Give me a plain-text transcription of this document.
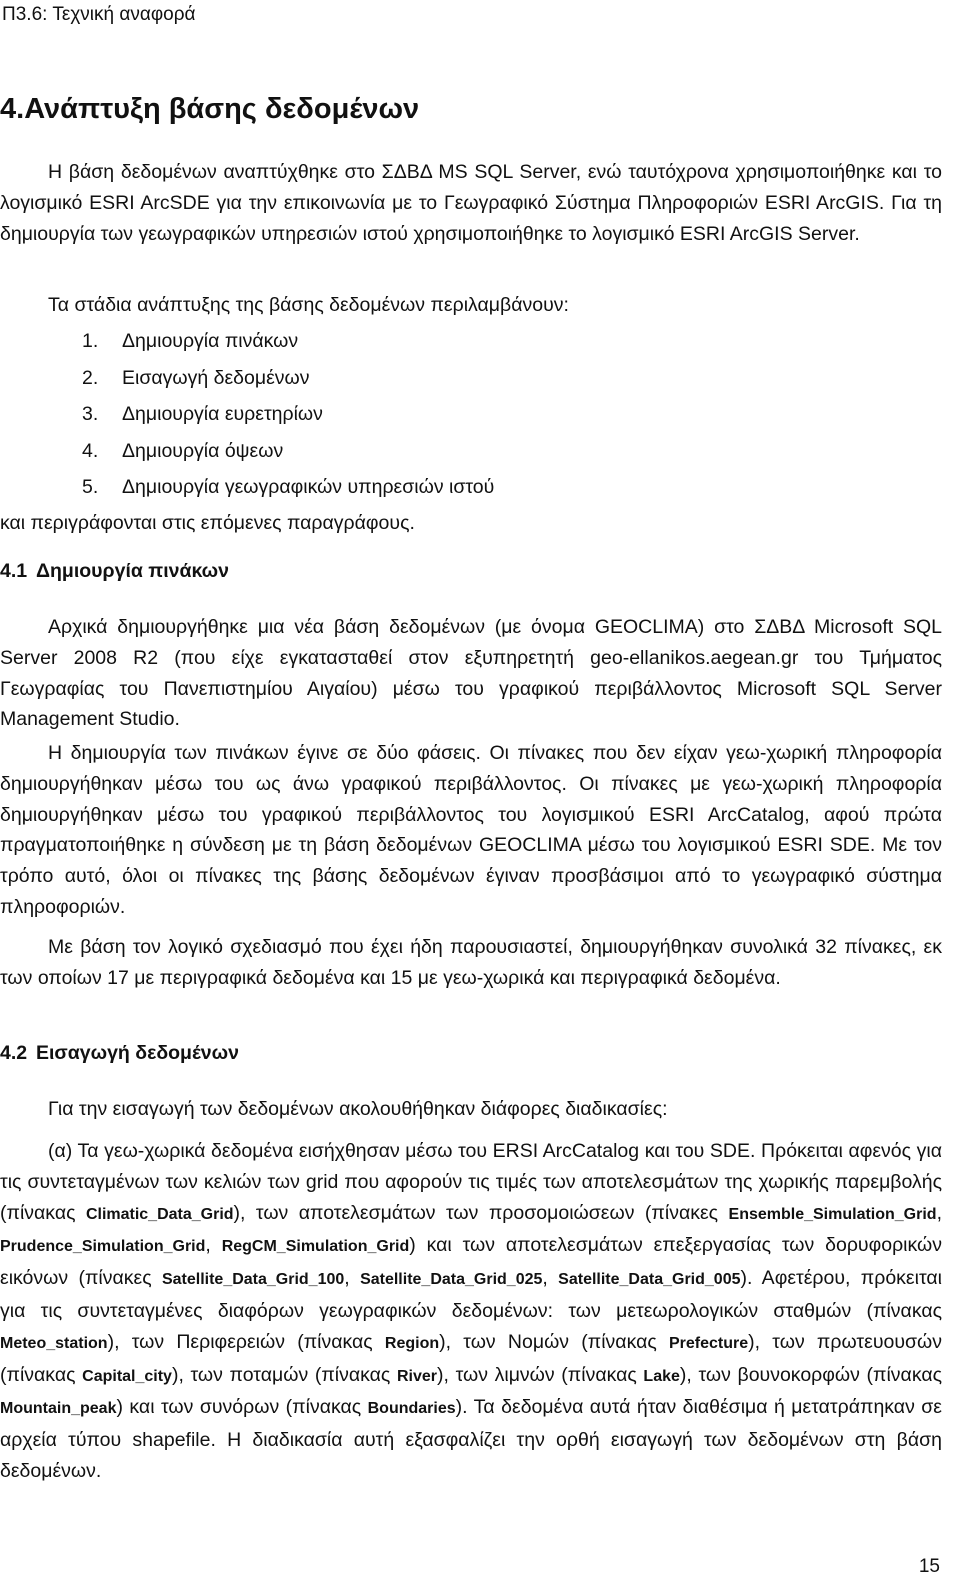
Π3.6: Τεχνική αναφορά
4.Ανάπτυξη βάσης δεδομένων

Η βάση δεδομένων αναπτύχθηκε στο ΣΔΒΔ MS SQL Server, ενώ ταυτόχρονα χρησιμοποιήθηκε και το λογισμικό ESRI ArcSDE για την επικοινωνία με το Γεωγραφικό Σύστημα Πληροφοριών ESRI ArcGIS. Για τη δημιουργία των γεωγραφικών υπηρεσιών ιστού χρησιμοποιήθηκε το λογισμικό ESRI ArcGIS Server.

Τα στάδια ανάπτυξης της βάσης δεδομένων περιλαμβάνουν:

1. Δημιουργία πινάκων
2. Εισαγωγή δεδομένων
3. Δημιουργία ευρετηρίων
4. Δημιουργία όψεων
5. Δημιουργία γεωγραφικών υπηρεσιών ιστού

και περιγράφονται στις επόμενες παραγράφους.

4.1 Δημιουργία πινάκων

Αρχικά δημιουργήθηκε μια νέα βάση δεδομένων (με όνομα GEOCLIMA) στο ΣΔΒΔ Microsoft SQL Server 2008 R2 (που είχε εγκατασταθεί στον εξυπηρετητή geo-ellanikos.aegean.gr του Τμήματος Γεωγραφίας του Πανεπιστημίου Αιγαίου) μέσω του γραφικού περιβάλλοντος Microsoft SQL Server Management Studio.

Η δημιουργία των πινάκων έγινε σε δύο φάσεις. Οι πίνακες που δεν είχαν γεω-χωρική πληροφορία δημιουργήθηκαν μέσω του ως άνω γραφικού περιβάλλοντος. Οι πίνακες με γεω-χωρική πληροφορία δημιουργήθηκαν μέσω του γραφικού περιβάλλοντος του λογισμικού ESRI ArcCatalog, αφού πρώτα πραγματοποιήθηκε η σύνδεση με τη βάση δεδομένων GEOCLIMA μέσω του λογισμικού ESRI SDE. Με τον τρόπο αυτό, όλοι οι πίνακες της βάσης δεδομένων έγιναν προσβάσιμοι από το γεωγραφικό σύστημα πληροφοριών.

Με βάση τον λογικό σχεδιασμό που έχει ήδη παρουσιαστεί, δημιουργήθηκαν συνολικά 32 πίνακες, εκ των οποίων 17 με περιγραφικά δεδομένα και 15 με γεω-χωρικά και περιγραφικά δεδομένα.

4.2 Εισαγωγή δεδομένων

Για την εισαγωγή των δεδομένων ακολουθήθηκαν διάφορες διαδικασίες:

(α) Τα γεω-χωρικά δεδομένα εισήχθησαν μέσω του ERSI ArcCatalog και του SDE. Πρόκειται αφενός για τις συντεταγμένων των κελιών των grid που αφορούν τις τιμές των αποτελεσμάτων της χωρικής παρεμβολής (πίνακας Climatic_Data_Grid), των αποτελεσμάτων των προσομοιώσεων (πίνακες Ensemble_Simulation_Grid, Prudence_Simulation_Grid, RegCM_Simulation_Grid) και των αποτελεσμάτων επεξεργασίας των δορυφορικών εικόνων (πίνακες Satellite_Data_Grid_100, Satellite_Data_Grid_025, Satellite_Data_Grid_005). Αφετέρου, πρόκειται για τις συντεταγμένες διαφόρων γεωγραφικών δεδομένων: των μετεωρολογικών σταθμών (πίνακας Meteo_station), των Περιφερειών (πίνακας Region), των Νομών (πίνακας Prefecture), των πρωτευουσών (πίνακας Capital_city), των ποταμών (πίνακας River), των λιμνών (πίνακας Lake), των βουνοκορφών (πίνακας Mountain_peak) και των συνόρων (πίνακας Boundaries). Τα δεδομένα αυτά ήταν διαθέσιμα ή μετατράπηκαν σε αρχεία τύπου shapefile. Η διαδικασία αυτή εξασφαλίζει την ορθή εισαγωγή των δεδομένων στη βάση δεδομένων.

15
